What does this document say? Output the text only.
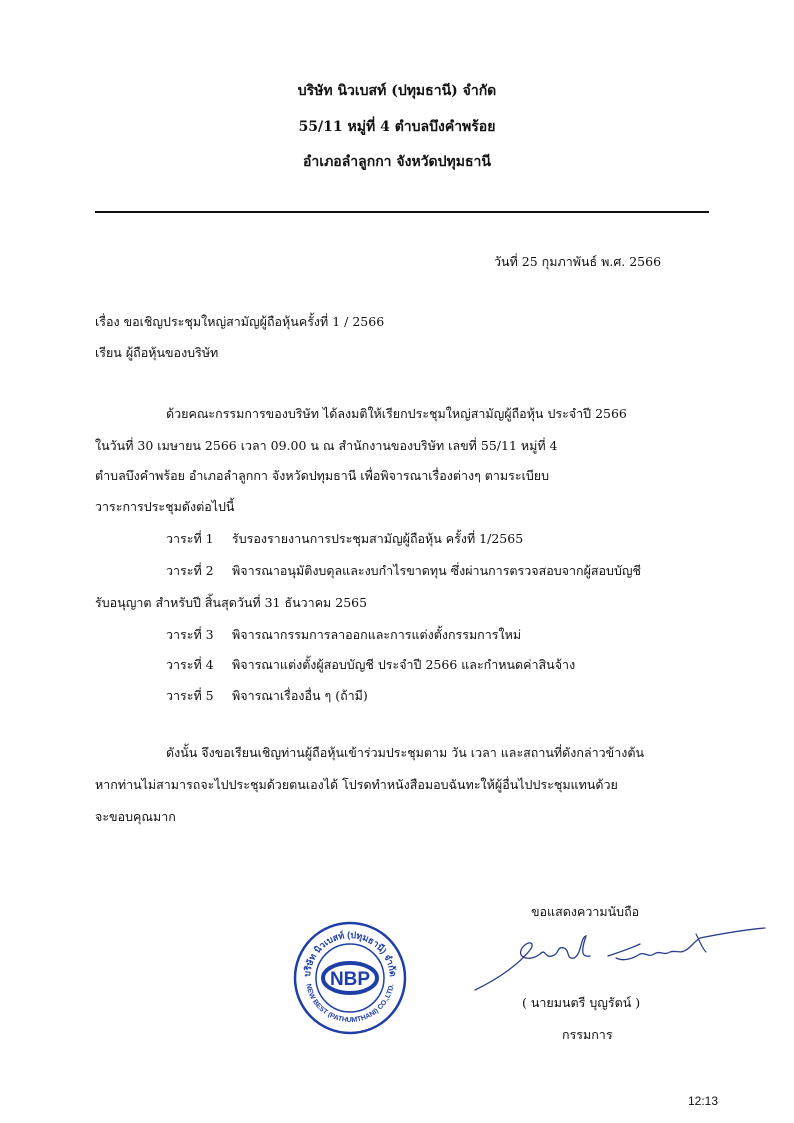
บริษัท นิวเบสท์ (ปทุมธานี) จำกัด
55/11 หมู่ที่ 4 ตำบลบึงคำพร้อย
อำเภอลำลูกกา จังหวัดปทุมธานี
วันที่ 25 กุมภาพันธ์ พ.ศ. 2566
เรื่อง ขอเชิญประชุมใหญ่สามัญผู้ถือหุ้นครั้งที่ 1 / 2566
เรียน ผู้ถือหุ้นของบริษัท
ด้วยคณะกรรมการของบริษัท ได้ลงมติให้เรียกประชุมใหญ่สามัญผู้ถือหุ้น ประจำปี 2566
ในวันที่ 30 เมษายน 2566 เวลา 09.00 น ณ สำนักงานของบริษัท เลขที่ 55/11 หมู่ที่ 4
ตำบลบึงคำพร้อย อำเภอลำลูกกา จังหวัดปทุมธานี เพื่อพิจารณาเรื่องต่างๆ ตามระเบียบ
วาระการประชุมดังต่อไปนี้
วาระที่ 1 รับรองรายงานการประชุมสามัญผู้ถือหุ้น ครั้งที่ 1/2565
วาระที่ 2 พิจารณาอนุมัติงบดุลและงบกำไรขาดทุน ซึ่งผ่านการตรวจสอบจากผู้สอบบัญชี
รับอนุญาต สำหรับปี สิ้นสุดวันที่ 31 ธันวาคม 2565
วาระที่ 3 พิจารณากรรมการลาออกและการแต่งตั้งกรรมการใหม่
วาระที่ 4 พิจารณาแต่งตั้งผู้สอบบัญชี ประจำปี 2566 และกำหนดค่าสินจ้าง
วาระที่ 5 พิจารณาเรื่องอื่น ๆ (ถ้ามี)
ดังนั้น จึงขอเรียนเชิญท่านผู้ถือหุ้นเข้าร่วมประชุมตาม วัน เวลา และสถานที่ดังกล่าวข้างต้น
หากท่านไม่สามารถจะไปประชุมด้วยตนเองได้ โปรดทำหนังสือมอบฉันทะให้ผู้อื่นไปประชุมแทนด้วย
จะขอบคุณมาก
ขอแสดงความนับถือ
( นายมนตรี บุญรัตน์ )
กรรมการ
NBP
บริษัท นิวเบสท์ (ปทุมธานี) จำกัด
NEW BEST (PATHUMTHANI) CO.,LTD.
12:13
